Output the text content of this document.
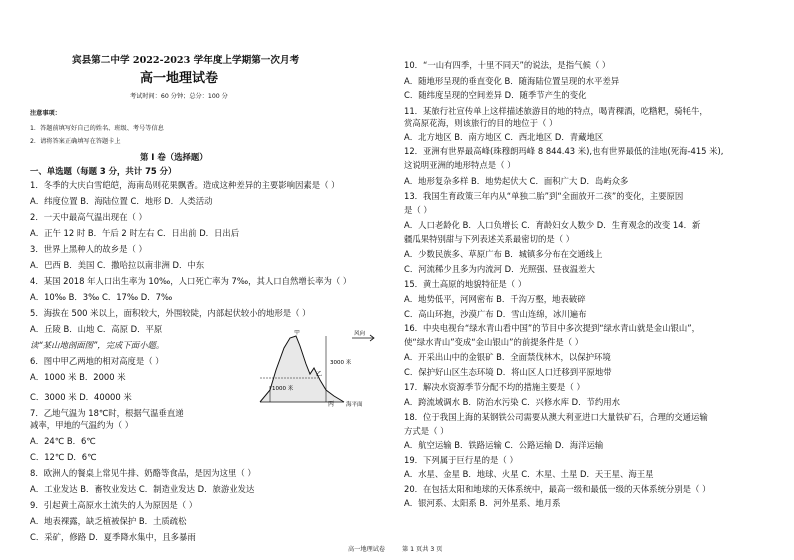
宾县第二中学 2022-2023 学年度上学期第一次月考
高一地理试卷
考试时间：60 分钟；总分：100 分
注意事项：
1．答题前填写好自己的姓名、班级、考号等信息
2．请将答案正确填写在答题卡上
第 Ⅰ 卷（选择题）
一、单选题（每题 3 分，共计 75 分）
1．冬季的大庆白雪皑皑，海南岛则花果飘香。造成这种差异的主要影响因素是（ ）
A．纬度位置 B．海陆位置 C．地形 D．人类活动
2．一天中最高气温出现在（ ）
A．正午 12 时 B．午后 2 时左右 C．日出前 D．日出后
3．世界上黑种人的故乡是（ ）
A．巴西 B．美国 C．撒哈拉以南非洲 D．中东
4．某国 2018 年人口出生率为 10‰，人口死亡率为 7‰，其人口自然增长率为（ ）
A．10‰ B．3‰ C．17‰ D．7‰
5．海拔在 500 米以上，面积较大，外围较陡，内部起伏较小的地形是（ ）
A．丘陵 B．山地 C．高原 D．平原
读“某山地剖面图”，完成下面小题。
6．图中甲乙两地的相对高度是（ ）
A．1000 米 B．2000 米
C．3000 米 D．40000 米
7．乙地气温为 18℃时，根据气温垂直递
减率，甲地的气温约为（ ）
A．24℃ B．6℃
C．12℃ D．6℃
8．欧洲人的餐桌上常见牛排、奶酪等食品，是因为这里（ ）
A．工业发达 B．畜牧业发达 C．制造业发达 D．旅游业发达
9．引起黄土高原水土流失的人为原因是（ ）
A．地表裸露，缺乏植被保护 B．土质疏松
C．采矿，修路 D．夏季降水集中，且多暴雨
甲
乙
丙
风向
3000 米
1000 米
海平面
10．“一山有四季，十里不同天”的说法，是指气候（ ）
A．随地形呈现的垂直变化 B．随海陆位置呈现的水平差异
C．随纬度呈现的空间差异 D．随季节产生的变化
11．某旅行社宣传单上这样描述旅游目的地的特点，喝青稞酒，吃糌粑，骑牦牛，
赏高原花海，则该旅行的目的地位于（ ）
A．北方地区 B．南方地区 C．西北地区 D．青藏地区
12．亚洲有世界最高峰(珠穆朗玛峰 8 844.43 米),也有世界最低的洼地(死海-415 米),
这说明亚洲的地形特点是（ ）
A．地形复杂多样 B．地势起伏大 C．面积广大 D．岛屿众多
13．我国生育政策三年内从“单独二胎”到“全面放开二孩”的变化，主要原因
是（ ）
A．人口老龄化 B．人口负增长 C．育龄妇女人数少 D．生育观念的改变 14．新
疆瓜果特别甜与下列表述关系最密切的是（ ）
A．少数民族多、草原广布 B．城镇多分布在交通线上
C．河流稀少且多为内流河 D．光照强、昼夜温差大
15．黄土高原的地貌特征是（ ）
A．地势低平，河网密布 B．千沟万壑，地表破碎
C．高山环抱，沙漠广布 D．雪山连绵，冰川遍布
16．中央电视台“绿水青山看中国”的节目中多次提到“绿水青山就是金山银山”，
使“绿水青山”变成“金山银山”的前提条件是（ ）
A．开采出山中的金银矿 B．全面禁伐林木，以保护环境
C．保护好山区生态环境 D．将山区人口迁移到平原地带
17．解决水资源季节分配不均的措施主要是（ ）
A．跨流域调水 B．防治水污染 C．兴修水库 D．节约用水
18．位于我国上海的某钢铁公司需要从澳大利亚进口大量铁矿石，合理的交通运输
方式是（ ）
A．航空运输 B．铁路运输 C．公路运输 D．海洋运输
19．下列属于巨行星的是（ ）
A．水星、金星 B．地球、火星 C．木星、土星 D．天王星、海王星
20．在包括太阳和地球的天体系统中，最高一级和最低一级的天体系统分别是（ ）
A．银河系、太阳系 B．河外星系、地月系
高一地理试卷	第 1 页共 3 页
